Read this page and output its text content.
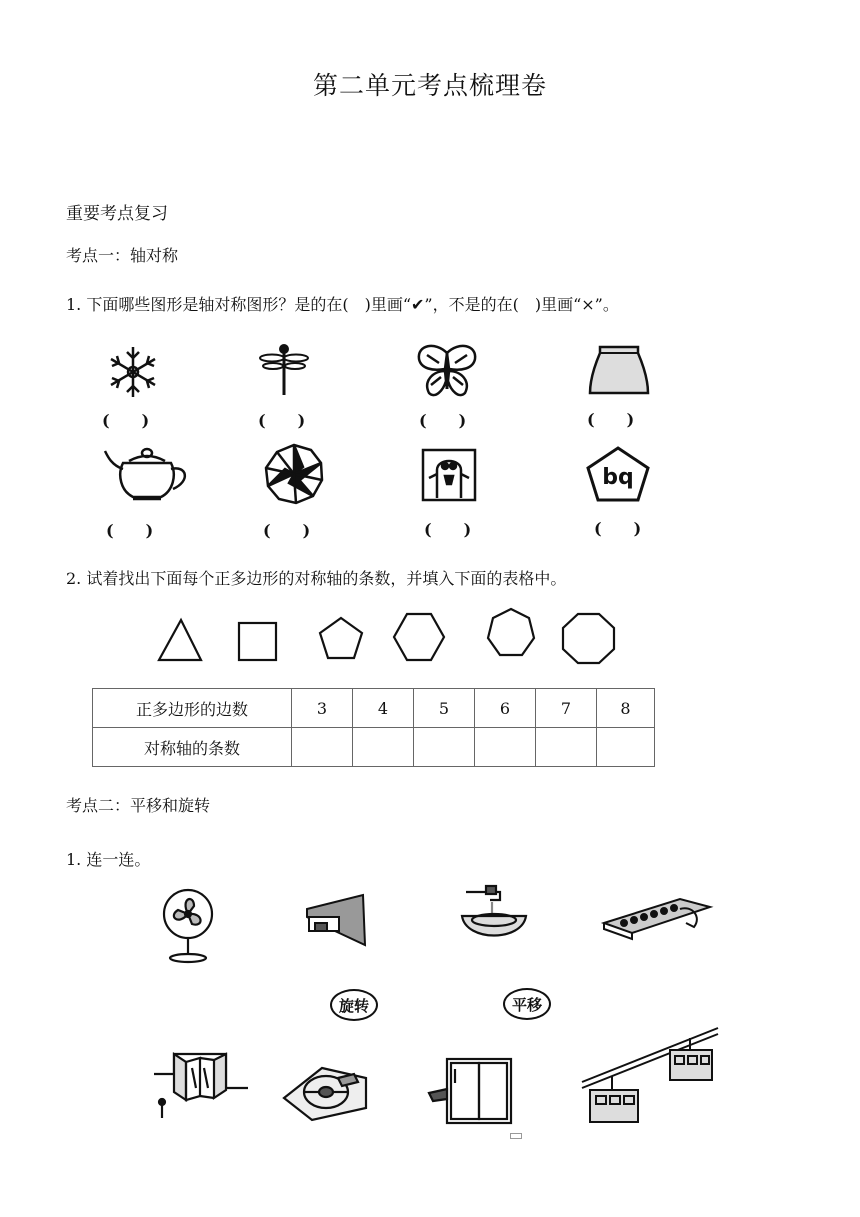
第二单元考点梳理卷
重要考点复习
考点一：轴对称
1. 下面哪些图形是轴对称图形？是的在(　)里画“✔”，不是的在(　)里画“×”。
(　　)	(　　)	(　　)	(　　)
bq
(　　)	(　　)	(　　)	(　　)
2. 试着找出下面每个正多边形的对称轴的条数，并填入下面的表格中。
正多边形的边数	3	4	5	6	7	8
对称轴的条数						
考点二：平移和旋转
1. 连一连。
旋转	平移
